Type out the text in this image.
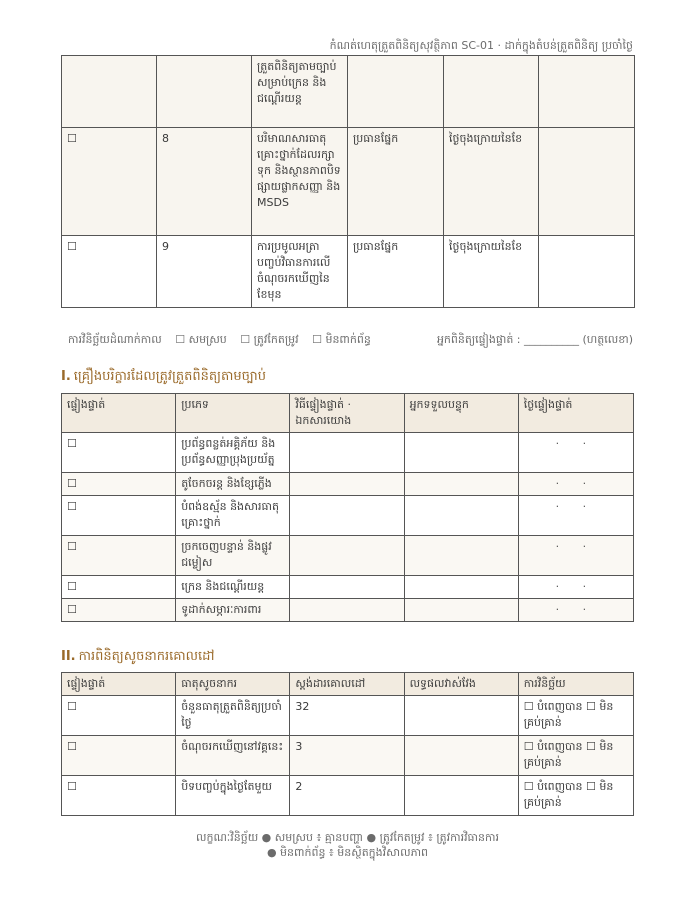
កំណត់ហេតុត្រួតពិនិត្យសុវត្ថិភាព SC-01 · ដាក់ក្នុងតំបន់ត្រួតពិនិត្យ ប្រចាំ​ថ្ងៃ
		ត្រួតពិនិត្យតាមច្បាប់សម្រាប់ក្រេន និងជណ្ដើរយន្ត			
☐	8	បរិមាណសារធាតុគ្រោះថ្នាក់ដែលរក្សាទុក និងស្ថានភាពបិទផ្សាយផ្លាកសញ្ញា និង MSDS	ប្រធានផ្នែក	ថ្ងៃចុងក្រោយនៃខែ	
☐	9	ការប្រមូលអត្រាបញ្ចប់វិធានការលើចំណុចរកឃើញនៃខែមុន	ប្រធានផ្នែក	ថ្ងៃចុងក្រោយនៃខែ	
ការវិនិច្ឆ័យដំណាក់កាល ☐ សមស្រប ☐ ត្រូវកែតម្រូវ ☐ មិនពាក់ព័ន្ធ	អ្នកពិនិត្យផ្ទៀងផ្ទាត់ : __________ (ហត្ថលេខា)
I. គ្រឿងបរិក្ខារដែលត្រូវត្រួតពិនិត្យតាមច្បាប់
ផ្ទៀងផ្ទាត់	ប្រភេទ	វិធីផ្ទៀងផ្ទាត់ · ឯកសារយោង	អ្នកទទួលបន្ទុក	ថ្ងៃផ្ទៀងផ្ទាត់
☐	ប្រព័ន្ធពន្លត់អគ្គិភ័យ និងប្រព័ន្ធសញ្ញាប្រុងប្រយ័ត្ន			· ·
☐	តូចែកចរន្ត និងខ្សែភ្លើង			· ·
☐	បំពង់ឧស្ម័ន និងសារធាតុគ្រោះថ្នាក់			· ·
☐	ច្រកចេញបន្ទាន់ និងផ្លូវជម្លៀស			· ·
☐	ក្រេន និងជណ្ដើរយន្ត			· ·
☐	ទូដាក់សម្ភារៈការពារ			· ·
II. ការពិនិត្យសូចនាករគោលដៅ
ផ្ទៀងផ្ទាត់	ធាតុសូចនាករ	ស្តង់ដារគោលដៅ	លទ្ធផលវាស់វែង	ការវិនិច្ឆ័យ
☐	ចំនួនធាតុត្រួតពិនិត្យប្រចាំថ្ងៃ	32		☐ បំពេញបាន ☐ មិនគ្រប់គ្រាន់
☐	ចំណុចរកឃើញនៅវគ្គនេះ	3		☐ បំពេញបាន ☐ មិនគ្រប់គ្រាន់
☐	បិទបញ្ចប់ក្នុងថ្ងៃតែមួយ	2		☐ បំពេញបាន ☐ មិនគ្រប់គ្រាន់
លក្ខណៈវិនិច្ឆ័យ ● សមស្រប ៖ គ្មានបញ្ហា ● ត្រូវកែតម្រូវ ៖ ត្រូវការវិធានការ
● មិនពាក់ព័ន្ធ ៖ មិនស្ថិតក្នុងវិសាលភាព
